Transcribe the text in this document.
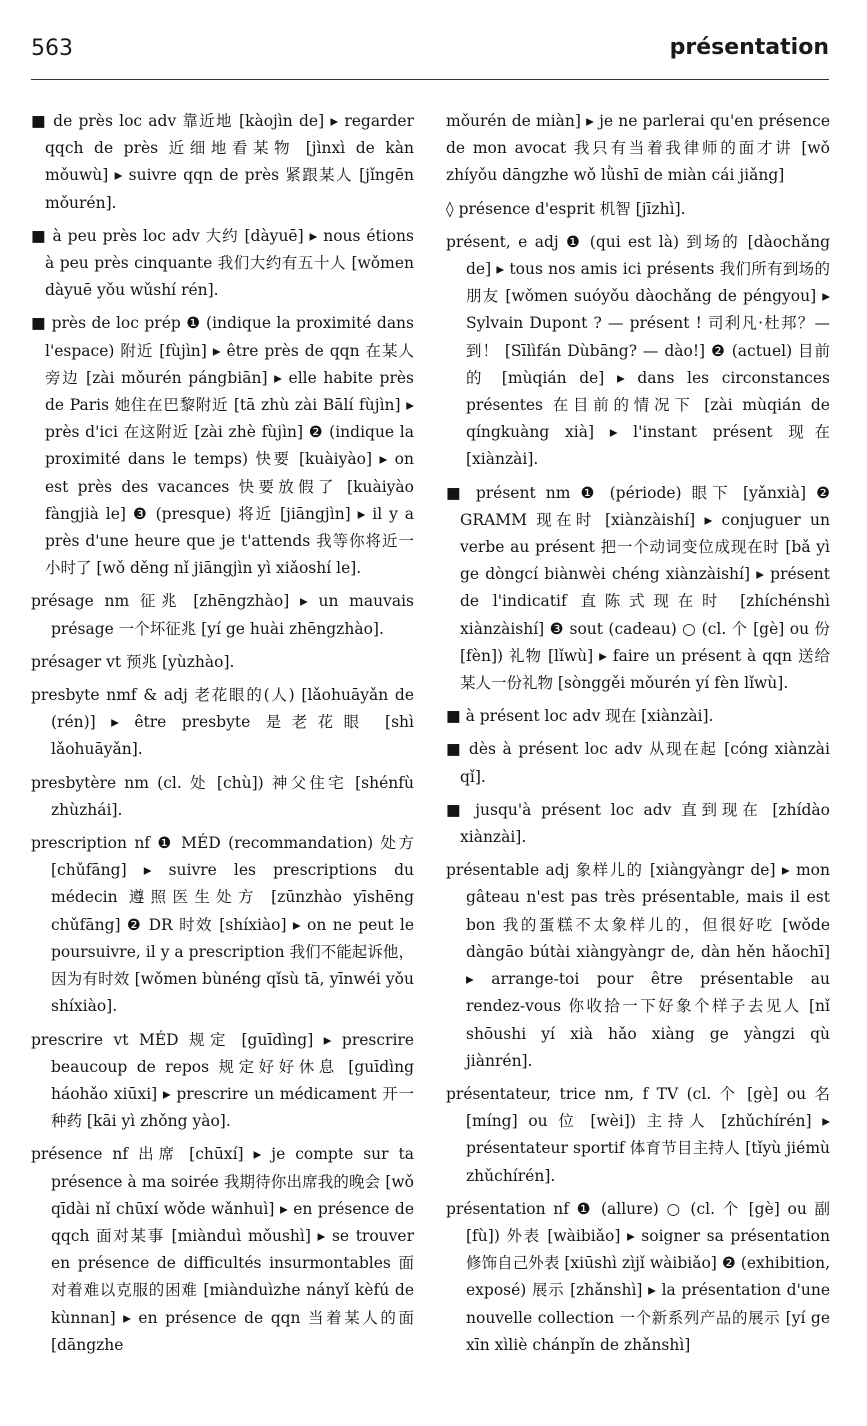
563	présentation

■ de près loc adv 靠近地 [kàojìn de] ▸ regarder qqch de près 近细地看某物 [jìnxì de kàn mǒuwù] ▸ suivre qqn de près 紧跟某人 [jǐngēn mǒurén].

■ à peu près loc adv 大约 [dàyuē] ▸ nous étions à peu près cinquante 我们大约有五十人 [wǒmen dàyuē yǒu wǔshí rén].

■ près de loc prép ❶ (indique la proximité dans l'espace) 附近 [fùjìn] ▸ être près de qqn 在某人旁边 [zài mǒurén pángbiān] ▸ elle habite près de Paris 她住在巴黎附近 [tā zhù zài Bālí fùjìn] ▸ près d'ici 在这附近 [zài zhè fùjìn] ❷ (indique la proximité dans le temps) 快要 [kuàiyào] ▸ on est près des vacances 快要放假了 [kuàiyào fàngjià le] ❸ (presque) 将近 [jiāngjìn] ▸ il y a près d'une heure que je t'attends 我等你将近一小时了 [wǒ děng nǐ jiāngjìn yì xiǎoshí le].

présage nm 征兆 [zhēngzhào] ▸ un mauvais présage 一个坏征兆 [yí ge huài zhēngzhào].

présager vt 预兆 [yùzhào].

presbyte nmf & adj 老花眼的(人) [lǎohuāyǎn de (rén)] ▸ être presbyte 是老花眼 [shì lǎohuāyǎn].

presbytère nm (cl. 处 [chù]) 神父住宅 [shénfù zhùzhái].

prescription nf ❶ MÉD (recommandation) 处方 [chǔfāng] ▸ suivre les prescriptions du médecin 遵照医生处方 [zūnzhào yīshēng chǔfāng] ❷ DR 时效 [shíxiào] ▸ on ne peut le poursuivre, il y a prescription 我们不能起诉他，因为有时效 [wǒmen bùnéng qǐsù tā, yīnwéi yǒu shíxiào].

prescrire vt MÉD 规定 [guīdìng] ▸ prescrire beaucoup de repos 规定好好休息 [guīdìng háohǎo xiūxi] ▸ prescrire un médicament 开一种药 [kāi yì zhǒng yào].

présence nf 出席 [chūxí] ▸ je compte sur ta présence à ma soirée 我期待你出席我的晚会 [wǒ qīdài nǐ chūxí wǒde wǎnhuì] ▸ en présence de qqch 面对某事 [miànduì mǒushì] ▸ se trouver en présence de difficultés insurmontables 面对着难以克服的困难 [miànduìzhe nányǐ kèfú de kùnnan] ▸ en présence de qqn 当着某人的面 [dāngzhe

mǒurén de miàn] ▸ je ne parlerai qu'en présence de mon avocat 我只有当着我律师的面才讲 [wǒ zhíyǒu dāngzhe wǒ lǜshī de miàn cái jiǎng]

◊ présence d'esprit 机智 [jīzhì].

présent, e adj ❶ (qui est là) 到场的 [dàochǎng de] ▸ tous nos amis ici présents 我们所有到场的朋友 [wǒmen suóyǒu dàochǎng de péngyou] ▸ Sylvain Dupont ? — présent ! 司利凡·杜邦？—到！ [Sīlìfán Dùbāng? — dào!] ❷ (actuel) 目前的 [mùqián de] ▸ dans les circonstances présentes 在目前的情况下 [zài mùqián de qíngkuàng xià] ▸ l'instant présent 现在 [xiànzài].

■ présent nm ❶ (période) 眼下 [yǎnxià] ❷ GRAMM 现在时 [xiànzàishí] ▸ conjuguer un verbe au présent 把一个动词变位成现在时 [bǎ yì ge dòngcí biànwèi chéng xiànzàishí] ▸ présent de l'indicatif 直陈式现在时 [zhíchénshì xiànzàishí] ❸ sout (cadeau) ○ (cl. 个 [gè] ou 份 [fèn]) 礼物 [lǐwù] ▸ faire un présent à qqn 送给某人一份礼物 [sònggěi mǒurén yí fèn lǐwù].

■ à présent loc adv 现在 [xiànzài].

■ dès à présent loc adv 从现在起 [cóng xiànzài qǐ].

■ jusqu'à présent loc adv 直到现在 [zhídào xiànzài].

présentable adj 象样儿的 [xiàngyàngr de] ▸ mon gâteau n'est pas très présentable, mais il est bon 我的蛋糕不太象样儿的，但很好吃 [wǒde dàngāo bútài xiàngyàngr de, dàn hěn hǎochī] ▸ arrange-toi pour être présentable au rendez-vous 你收拾一下好象个样子去见人 [nǐ shōushi yí xià hǎo xiàng ge yàngzi qù jiànrén].

présentateur, trice nm, f TV (cl. 个 [gè] ou 名 [míng] ou 位 [wèi]) 主持人 [zhǔchírén] ▸ présentateur sportif 体育节目主持人 [tǐyù jiémù zhǔchírén].

présentation nf ❶ (allure) ○ (cl. 个 [gè] ou 副 [fù]) 外表 [wàibiǎo] ▸ soigner sa présentation 修饰自己外表 [xiūshì zìjǐ wàibiǎo] ❷ (exhibition, exposé) 展示 [zhǎnshì] ▸ la présentation d'une nouvelle collection 一个新系列产品的展示 [yí ge xīn xìliè chánpǐn de zhǎnshì]
